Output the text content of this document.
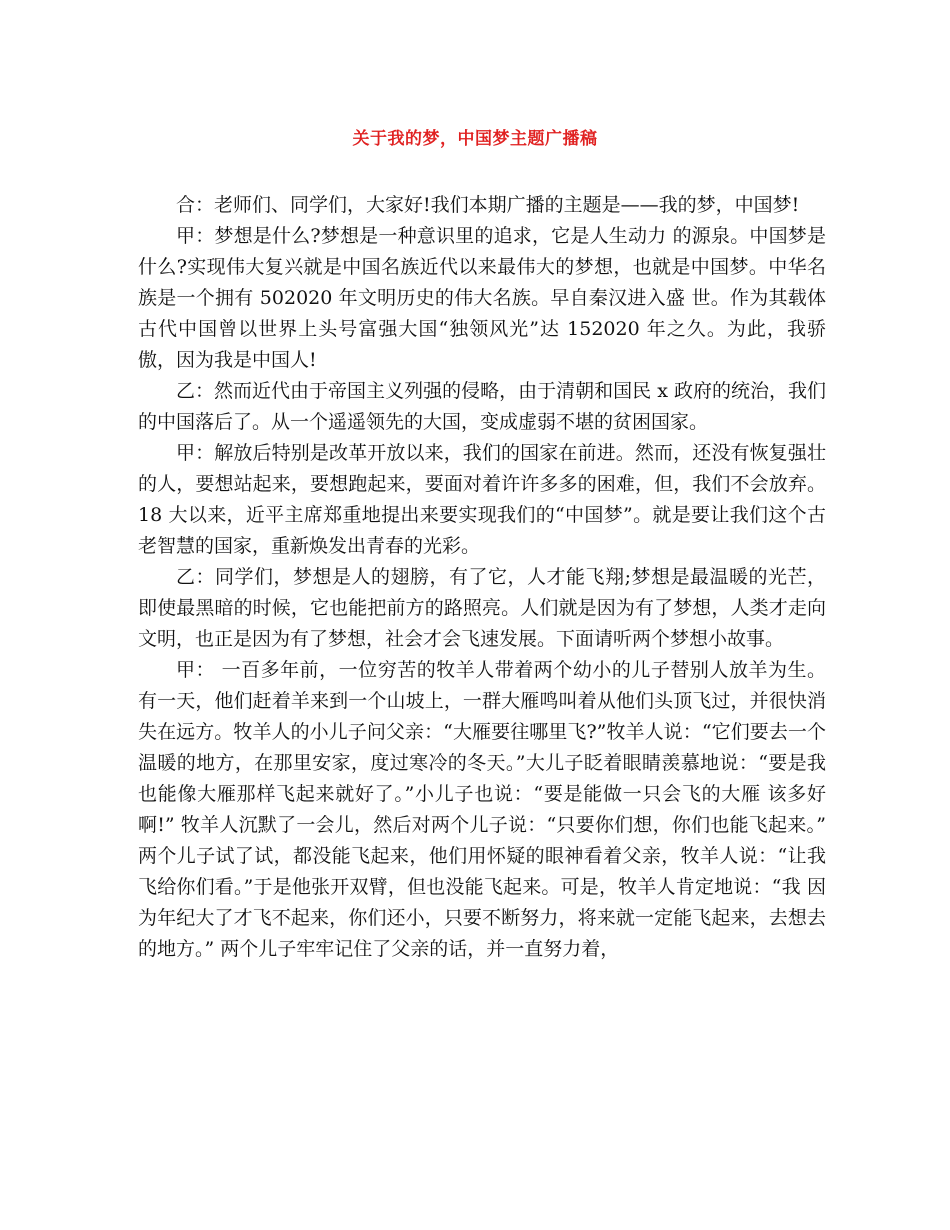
关于我的梦，中国梦主题广播稿

合：老师们、同学们，大家好!我们本期广播的主题是——我的梦，中国梦!

甲：梦想是什么?梦想是一种意识里的追求，它是人生动力 的源泉。中国梦是什么?实现伟大复兴就是中国名族近代以来最伟大的梦想，也就是中国梦。中华名族是一个拥有 502020 年文明历史的伟大名族。早自秦汉进入盛 世。作为其载体古代中国曾以世界上头号富强大国“独领风光”达 152020 年之久。为此，我骄傲，因为我是中国人!

乙：然而近代由于帝国主义列强的侵略，由于清朝和国民 x 政府的统治，我们的中国落后了。从一个遥遥领先的大国，变成虚弱不堪的贫困国家。

甲：解放后特别是改革开放以来，我们的国家在前进。然而，还没有恢复强壮的人，要想站起来，要想跑起来，要面对着许许多多的困难，但，我们不会放弃。18 大以来，近平主席郑重地提出来要实现我们的“中国梦”。就是要让我们这个古老智慧的国家，重新焕发出青春的光彩。

乙：同学们，梦想是人的翅膀，有了它，人才能飞翔;梦想是最温暖的光芒，即使最黑暗的时候，它也能把前方的路照亮。人们就是因为有了梦想，人类才走向文明，也正是因为有了梦想，社会才会飞速发展。下面请听两个梦想小故事。

甲： 一百多年前，一位穷苦的牧羊人带着两个幼小的儿子替别人放羊为生。有一天，他们赶着羊来到一个山坡上，一群大雁鸣叫着从他们头顶飞过，并很快消失在远方。牧羊人的小儿子问父亲：“大雁要往哪里飞?”牧羊人说：“它们要去一个温暖的地方，在那里安家，度过寒冷的冬天。”大儿子眨着眼睛羡慕地说：“要是我也能像大雁那样飞起来就好了。”小儿子也说：“要是能做一只会飞的大雁 该多好啊!” 牧羊人沉默了一会儿，然后对两个儿子说：“只要你们想，你们也能飞起来。” 两个儿子试了试，都没能飞起来，他们用怀疑的眼神看着父亲，牧羊人说：“让我飞给你们看。”于是他张开双臂，但也没能飞起来。可是，牧羊人肯定地说：“我 因为年纪大了才飞不起来，你们还小，只要不断努力，将来就一定能飞起来，去想去的地方。” 两个儿子牢牢记住了父亲的话，并一直努力着，
